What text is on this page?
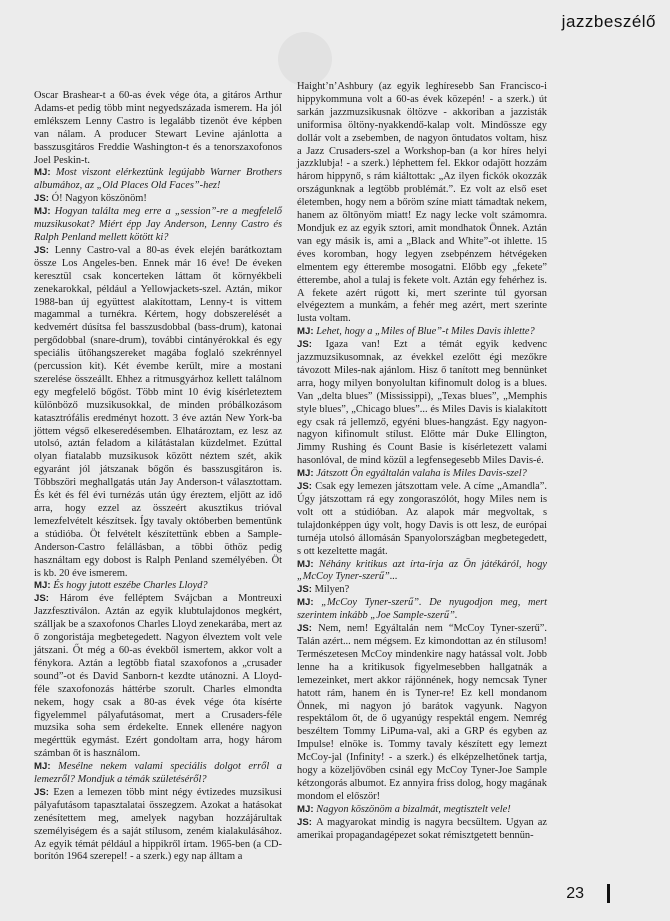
jazzbeszélő

Oscar Brashear-t a 60-as évek vége óta, a gitáros Arthur Adams-et pedig több mint negyedszázada ismerem. Ha jól emlékszem Lenny Castro is legalább tizenöt éve képben van nálam. A producer Stewart Levine ajánlotta a basszusgitáros Freddie Washington-t és a tenorszaxofonos Joel Peskin-t.

MJ: Most viszont elérkeztünk legújabb Warner Brothers albumához, az „Old Places Old Faces”-hez!

JS: Ó! Nagyon köszönöm!

MJ: Hogyan találta meg erre a „session”-re a megfelelő muzsikusokat? Miért épp Jay Anderson, Lenny Castro és Ralph Penland mellett kötött ki?

JS: Lenny Castro-val a 80-as évek elején barátkoztam össze Los Angeles-ben. Ennek már 16 éve! De éveken keresztül csak koncerteken láttam őt környékbeli zenekarokkal, például a Yellowjackets-szel. Aztán, mikor 1988-ban új együttest alakítottam, Lenny-t is vittem magammal a turnékra. Kértem, hogy dobszerelését a kedvemért dúsítsa fel basszusdobbal (bass-drum), katonai pergődobbal (snare-drum), további cintányérokkal és egy speciális ütőhangszereket magába foglaló szekrénnyel (percussion kit). Két évembe került, mire a mostani szerelése összeállt. Ehhez a ritmusgyárhoz kellett találnom egy megfelelő bőgőst. Több mint 10 évig kísérleteztem különböző muzsikusokkal, de minden próbálkozásom katasztrófális eredményt hozott. 3 éve aztán New York-ba jöttem végső elkeseredésemben. Elhatároztam, ez lesz az utolsó, aztán feladom a kilátástalan küzdelmet. Ezúttal olyan fiatalabb muzsikusok között néztem szét, akik egyaránt jól játszanak bőgőn és basszusgitáron is. Többszöri meghallgatás után Jay Anderson-t választottam. És két és fél évi turnézás után úgy éreztem, eljött az idő arra, hogy ezzel az összeért akusztikus trióval lemezfelvételt készítsek. Így tavaly októberben bementünk a stúdióba. Öt felvételt készítettünk ebben a Sample-Anderson-Castro felállásban, a többi öthöz pedig használtam egy dobost is Ralph Penland személyében. Öt is kb. 20 éve ismerem.

MJ: És hogy jutott eszébe Charles Lloyd?

JS: Három éve felléptem Svájcban a Montreuxi Jazzfesztiválon. Aztán az egyik klubtulajdonos megkért, szálljak be a szaxofonos Charles Lloyd zenekarába, mert az ő zongoristája megbetegedett. Nagyon élveztem volt vele játszani. Őt még a 60-as évekből ismertem, akkor volt a fénykora. Aztán a legtöbb fiatal szaxofonos a „crusader sound”-ot és David Sanborn-t kezdte utánozni. A Lloyd-féle szaxofonozás háttérbe szorult. Charles elmondta nekem, hogy csak a 80-as évek vége óta kísérte figyelemmel pályafutásomat, mert a Crusaders-féle muzsika soha sem érdekelte. Ennek ellenére nagyon megérttük egymást. Ezért gondoltam arra, hogy három számban őt is használom.

MJ: Mesélne nekem valami speciális dolgot erről a lemezről? Mondjuk a témák születéséről?

JS: Ezen a lemezen több mint négy évtizedes muzsikusi pályafutásom tapasztalatai összegzem. Azokat a hatásokat zenésítettem meg, amelyek nagyban hozzájárultak személyiségem és a saját stílusom, zeném kialakulásához. Az egyik témát például a hippikről írtam. 1965-ben (a CD-borítón 1964 szerepel! - a szerk.) egy nap álltam a

Haight’n’Ashbury (az egyik leghíresebb San Francisco-i hippykommuna volt a 60-as évek közepén! - a szerk.) út sarkán jazzmuzsikusnak öltözve - akkoriban a jazzisták uniformisa öltöny-nyakkendő-kalap volt. Mindössze egy dollár volt a zsebemben, de nagyon öntudatos voltam, hisz a Jazz Crusaders-szel a Workshop-ban (a kor híres helyi jazzklubja! - a szerk.) léphettem fel. Ekkor odajött hozzám három hippynő, s rám kiáltottak: „Az ilyen fickók okozzák országunknak a legtöbb problémát.”. Ez volt az első eset életemben, hogy nem a bőröm színe miatt támadtak nekem, hanem az öltönyöm miatt! Ez nagy lecke volt számomra. Mondjuk ez az egyik sztori, amit mondhatok Önnek. Aztán van egy másik is, ami a „Black and White”-ot ihlette. 15 éves koromban, hogy legyen zsebpénzem hétvégeken elmentem egy étterembe mosogatni. Előbb egy „fekete” étterembe, ahol a tulaj is fekete volt. Aztán egy fehérhez is. A fekete azért rúgott ki, mert szerinte túl gyorsan elvégeztem a munkám, a fehér meg azért, mert szerinte lusta voltam.

MJ: Lehet, hogy a „Miles of Blue”-t Miles Davis ihlette?

JS: Igaza van! Ezt a témát egyik kedvenc jazzmuzsikusomnak, az évekkel ezelőtt égi mezőkre távozott Miles-nak ajánlom. Hisz ő tanított meg bennünket arra, hogy milyen bonyolultan kifinomult dolog is a blues. Van „delta blues” (Mississippi), „Texas blues”, „Memphis style blues”, „Chicago blues”... és Miles Davis is kialakított egy csak rá jellemző, egyéni blues-hangzást. Egy nagyon-nagyon kifinomult stílust. Előtte már Duke Ellington, Jimmy Rushing és Count Basie is kísérletezett valami hasonlóval, de mind közül a legfensegesebb Miles Davis-é.

MJ: Játszott Ön egyáltalán valaha is Miles Davis-szel?

JS: Csak egy lemezen játszottam vele. A címe „Amandla”. Úgy játszottam rá egy zongoraszólót, hogy Miles nem is volt ott a stúdióban. Az alapok már megvoltak, s tulajdonképpen úgy volt, hogy Davis is ott lesz, de európai turnéja utolsó állomásán Spanyolországban megbetegedett, s ott kezeltette magát.

MJ: Néhány kritikus azt írta-írja az Ön játékáról, hogy „McCoy Tyner-szerű”...

JS: Milyen?

MJ: „McCoy Tyner-szerű”. De nyugodjon meg, mert szerintem inkább „Joe Sample-szerű”.

JS: Nem, nem! Egyáltalán nem “McCoy Tyner-szerű”. Talán azért... nem mégsem. Ez kimondottan az én stílusom! Természetesen McCoy mindenkire nagy hatással volt. Jobb lenne ha a kritikusok figyelmesebben hallgatnák a lemezeinket, mert akkor rájönnének, hogy nemcsak Tyner hatott rám, hanem én is Tyner-re! Ez kell mondanom Önnek, mi nagyon jó barátok vagyunk. Nagyon respektálom őt, de ő ugyanúgy respektál engem. Nemrég beszéltem Tommy LiPuma-val, aki a GRP és egyben az Impulse! elnöke is. Tommy tavaly készített egy lemezt McCoy-jal (Infinity! - a szerk.) és elképzelhetőnek tartja, hogy a közeljövőben csinál egy McCoy Tyner-Joe Sample kétzongorás albumot. Ez annyira friss dolog, hogy magának mondom el először!

MJ: Nagyon köszönöm a bizalmát, megtisztelt vele!

JS: A magyarokat mindig is nagyra becsültem. Ugyan az amerikai propagandagépezet sokat rémisztgetett bennün-

23
